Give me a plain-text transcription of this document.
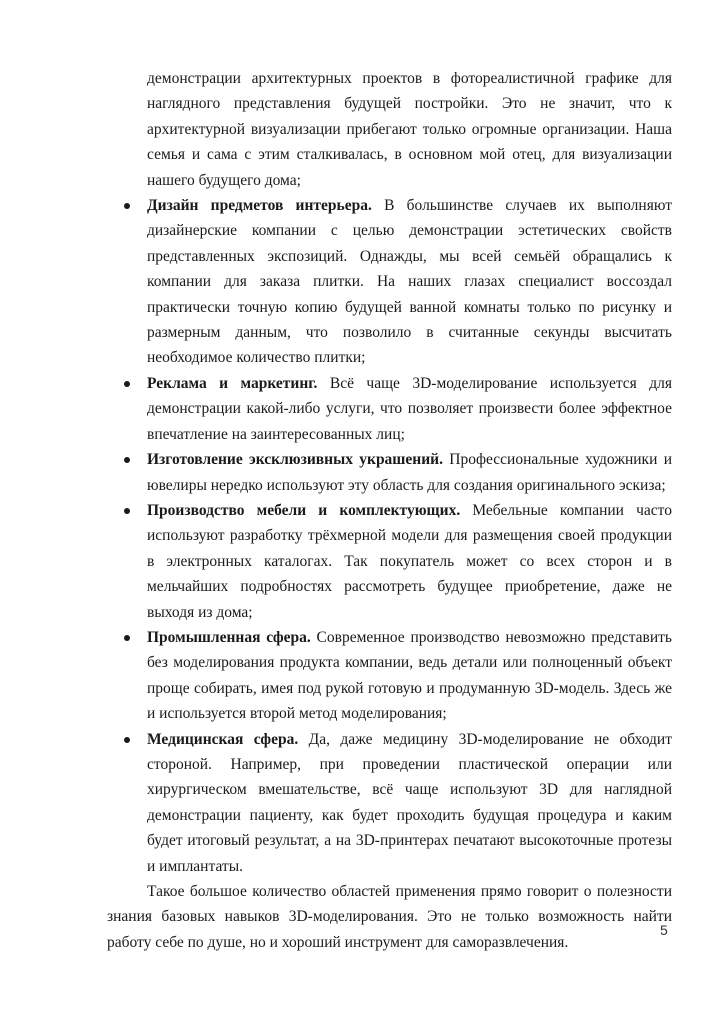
демонстрации архитектурных проектов в фотореалистичной графике для наглядного представления будущей постройки. Это не значит, что к архитектурной визуализации прибегают только огромные организации. Наша семья и сама с этим сталкивалась, в основном мой отец, для визуализации нашего будущего дома;

Дизайн предметов интерьера. В большинстве случаев их выполняют дизайнерские компании с целью демонстрации эстетических свойств представленных экспозиций. Однажды, мы всей семьёй обращались к компании для заказа плитки. На наших глазах специалист воссоздал практически точную копию будущей ванной комнаты только по рисунку и размерным данным, что позволило в считанные секунды высчитать необходимое количество плитки;
Реклама и маркетинг. Всё чаще 3D-моделирование используется для демонстрации какой-либо услуги, что позволяет произвести более эффектное впечатление на заинтересованных лиц;
Изготовление эксклюзивных украшений. Профессиональные художники и ювелиры нередко используют эту область для создания оригинального эскиза;
Производство мебели и комплектующих. Мебельные компании часто используют разработку трёхмерной модели для размещения своей продукции в электронных каталогах. Так покупатель может со всех сторон и в мельчайших подробностях рассмотреть будущее приобретение, даже не выходя из дома;
Промышленная сфера. Современное производство невозможно представить без моделирования продукта компании, ведь детали или полноценный объект проще собирать, имея под рукой готовую и продуманную 3D-модель. Здесь же и используется второй метод моделирования;
Медицинская сфера. Да, даже медицину 3D-моделирование не обходит стороной. Например, при проведении пластической операции или хирургическом вмешательстве, всё чаще используют 3D для наглядной демонстрации пациенту, как будет проходить будущая процедура и каким будет итоговый результат, а на 3D-принтерах печатают высокоточные протезы и имплантаты.

Такое большое количество областей применения прямо говорит о полезности знания базовых навыков 3D-моделирования. Это не только возможность найти работу себе по душе, но и хороший инструмент для саморазвлечения.

5
